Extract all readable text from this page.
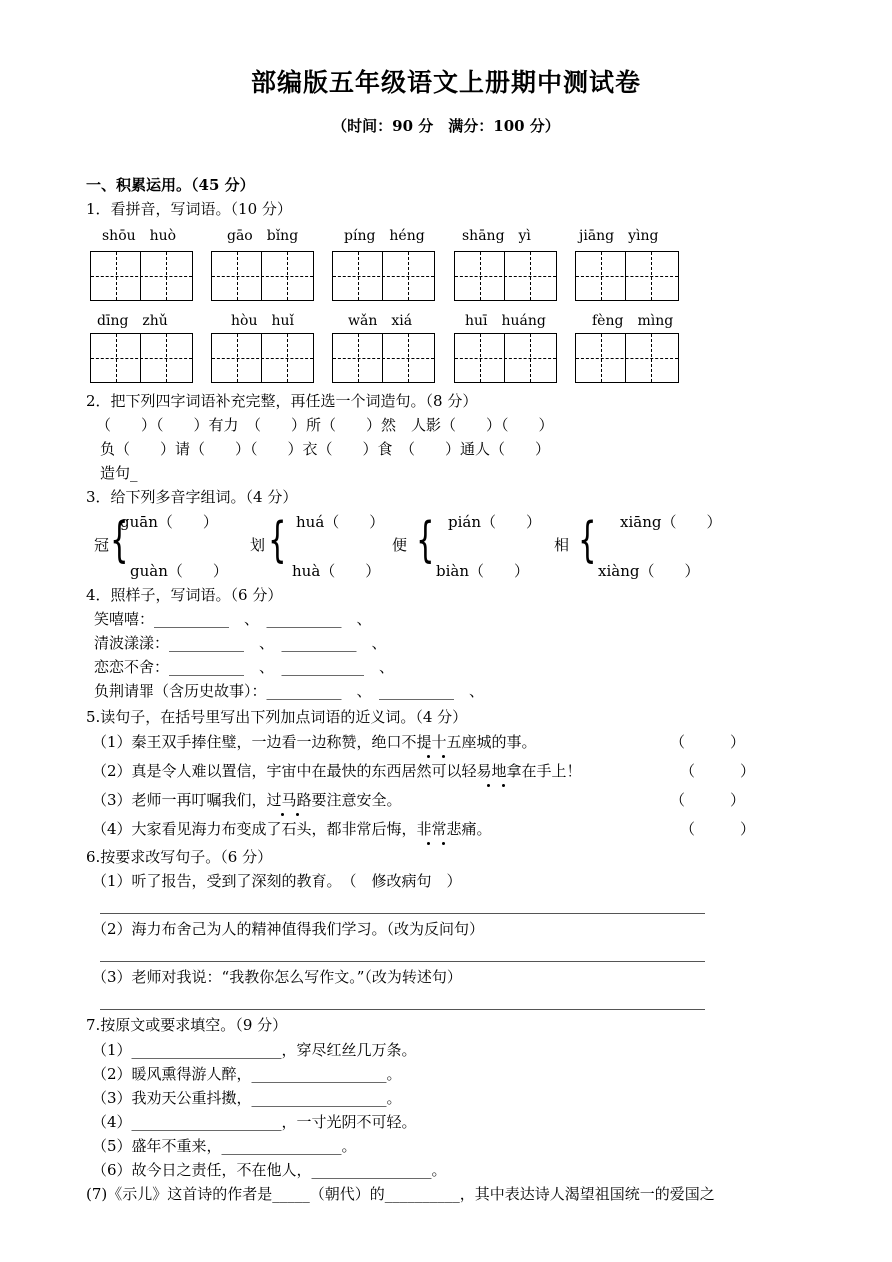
部编版五年级语文上册期中测试卷
（时间：90 分　满分：100 分）
一、积累运用。（45 分）
1．看拼音，写词语。（10 分）
shōu　huò	gāo　bǐng	píng　héng	shāng　yì	jiāng　yìng
dīng　zhǔ	hòu　huǐ	wǎn　xiá	huī　huáng	fèng　mìng
2．把下列四字词语补充完整，再任选一个词造句。（8 分）
（　　）（　　）有力　（　　）所（　　）然　人影（　　）（　　）
负（　　）请（　　）（　　）衣（　　）食　（　　）通人（　　）
造句_
3．给下列多音字组词。（4 分）
冠 {
guān（　　）
guàn（　　）
划 { huá（　　）
huà（　　）
便 { pián（　　）
biàn（　　）
相 { xiāng（　　）
xiàng（　　）
4．照样子，写词语。（6 分）
笑嘻嘻：__________　、　__________　、
清波漾漾：__________　、　__________　、
恋恋不舍：__________　、　___________　、
负荆请罪（含历史故事）：__________　、　__________　、
5.读句子，在括号里写出下列加点词语的近义词。（4 分）
（1）秦王双手捧住璧，一边看一边称赞，绝口不提十五座城的事。	（　　　）
（2）真是令人难以置信，宇宙中在最快的东西居然可以轻易地拿在手上！	（　　　）
（3）老师一再叮嘱我们，过马路要注意安全。	（　　　）
（4）大家看见海力布变成了石头，都非常后悔，非常悲痛。	（　　　）
6.按要求改写句子。（6 分）
（1）听了报告，受到了深刻的教育。　（　修改病句　）
（2）海力布舍己为人的精神值得我们学习。（改为反问句）
（3）老师对我说：“我教你怎么写作文。”（改为转述句）
7.按原文或要求填空。（9 分）
（1）____________________，穿尽红丝几万条。
（2）暖风熏得游人醉，__________________。
（3）我劝天公重抖擞，__________________。
（4）____________________，一寸光阴不可轻。
（5）盛年不重来，________________。
（6）故今日之责任，不在他人，________________。
(7)《示儿》这首诗的作者是_____（朝代）的__________，其中表达诗人渴望祖国统一的爱国之
